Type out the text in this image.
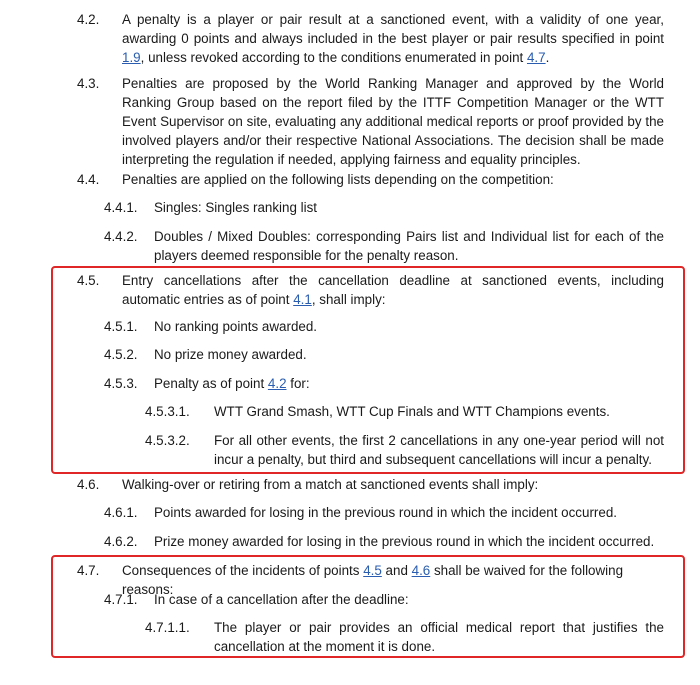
4.2. A penalty is a player or pair result at a sanctioned event, with a validity of one year, awarding 0 points and always included in the best player or pair results specified in point 1.9, unless revoked according to the conditions enumerated in point 4.7.
4.3. Penalties are proposed by the World Ranking Manager and approved by the World Ranking Group based on the report filed by the ITTF Competition Manager or the WTT Event Supervisor on site, evaluating any additional medical reports or proof provided by the involved players and/or their respective National Associations. The decision shall be made interpreting the regulation if needed, applying fairness and equality principles.
4.4. Penalties are applied on the following lists depending on the competition:
4.4.1. Singles: Singles ranking list
4.4.2. Doubles / Mixed Doubles: corresponding Pairs list and Individual list for each of the players deemed responsible for the penalty reason.
4.5. Entry cancellations after the cancellation deadline at sanctioned events, including automatic entries as of point 4.1, shall imply:
4.5.1. No ranking points awarded.
4.5.2. No prize money awarded.
4.5.3. Penalty as of point 4.2 for:
4.5.3.1. WTT Grand Smash, WTT Cup Finals and WTT Champions events.
4.5.3.2. For all other events, the first 2 cancellations in any one-year period will not incur a penalty, but third and subsequent cancellations will incur a penalty.
4.6. Walking-over or retiring from a match at sanctioned events shall imply:
4.6.1. Points awarded for losing in the previous round in which the incident occurred.
4.6.2. Prize money awarded for losing in the previous round in which the incident occurred.
4.7. Consequences of the incidents of points 4.5 and 4.6 shall be waived for the following reasons:
4.7.1. In case of a cancellation after the deadline:
4.7.1.1. The player or pair provides an official medical report that justifies the cancellation at the moment it is done.
